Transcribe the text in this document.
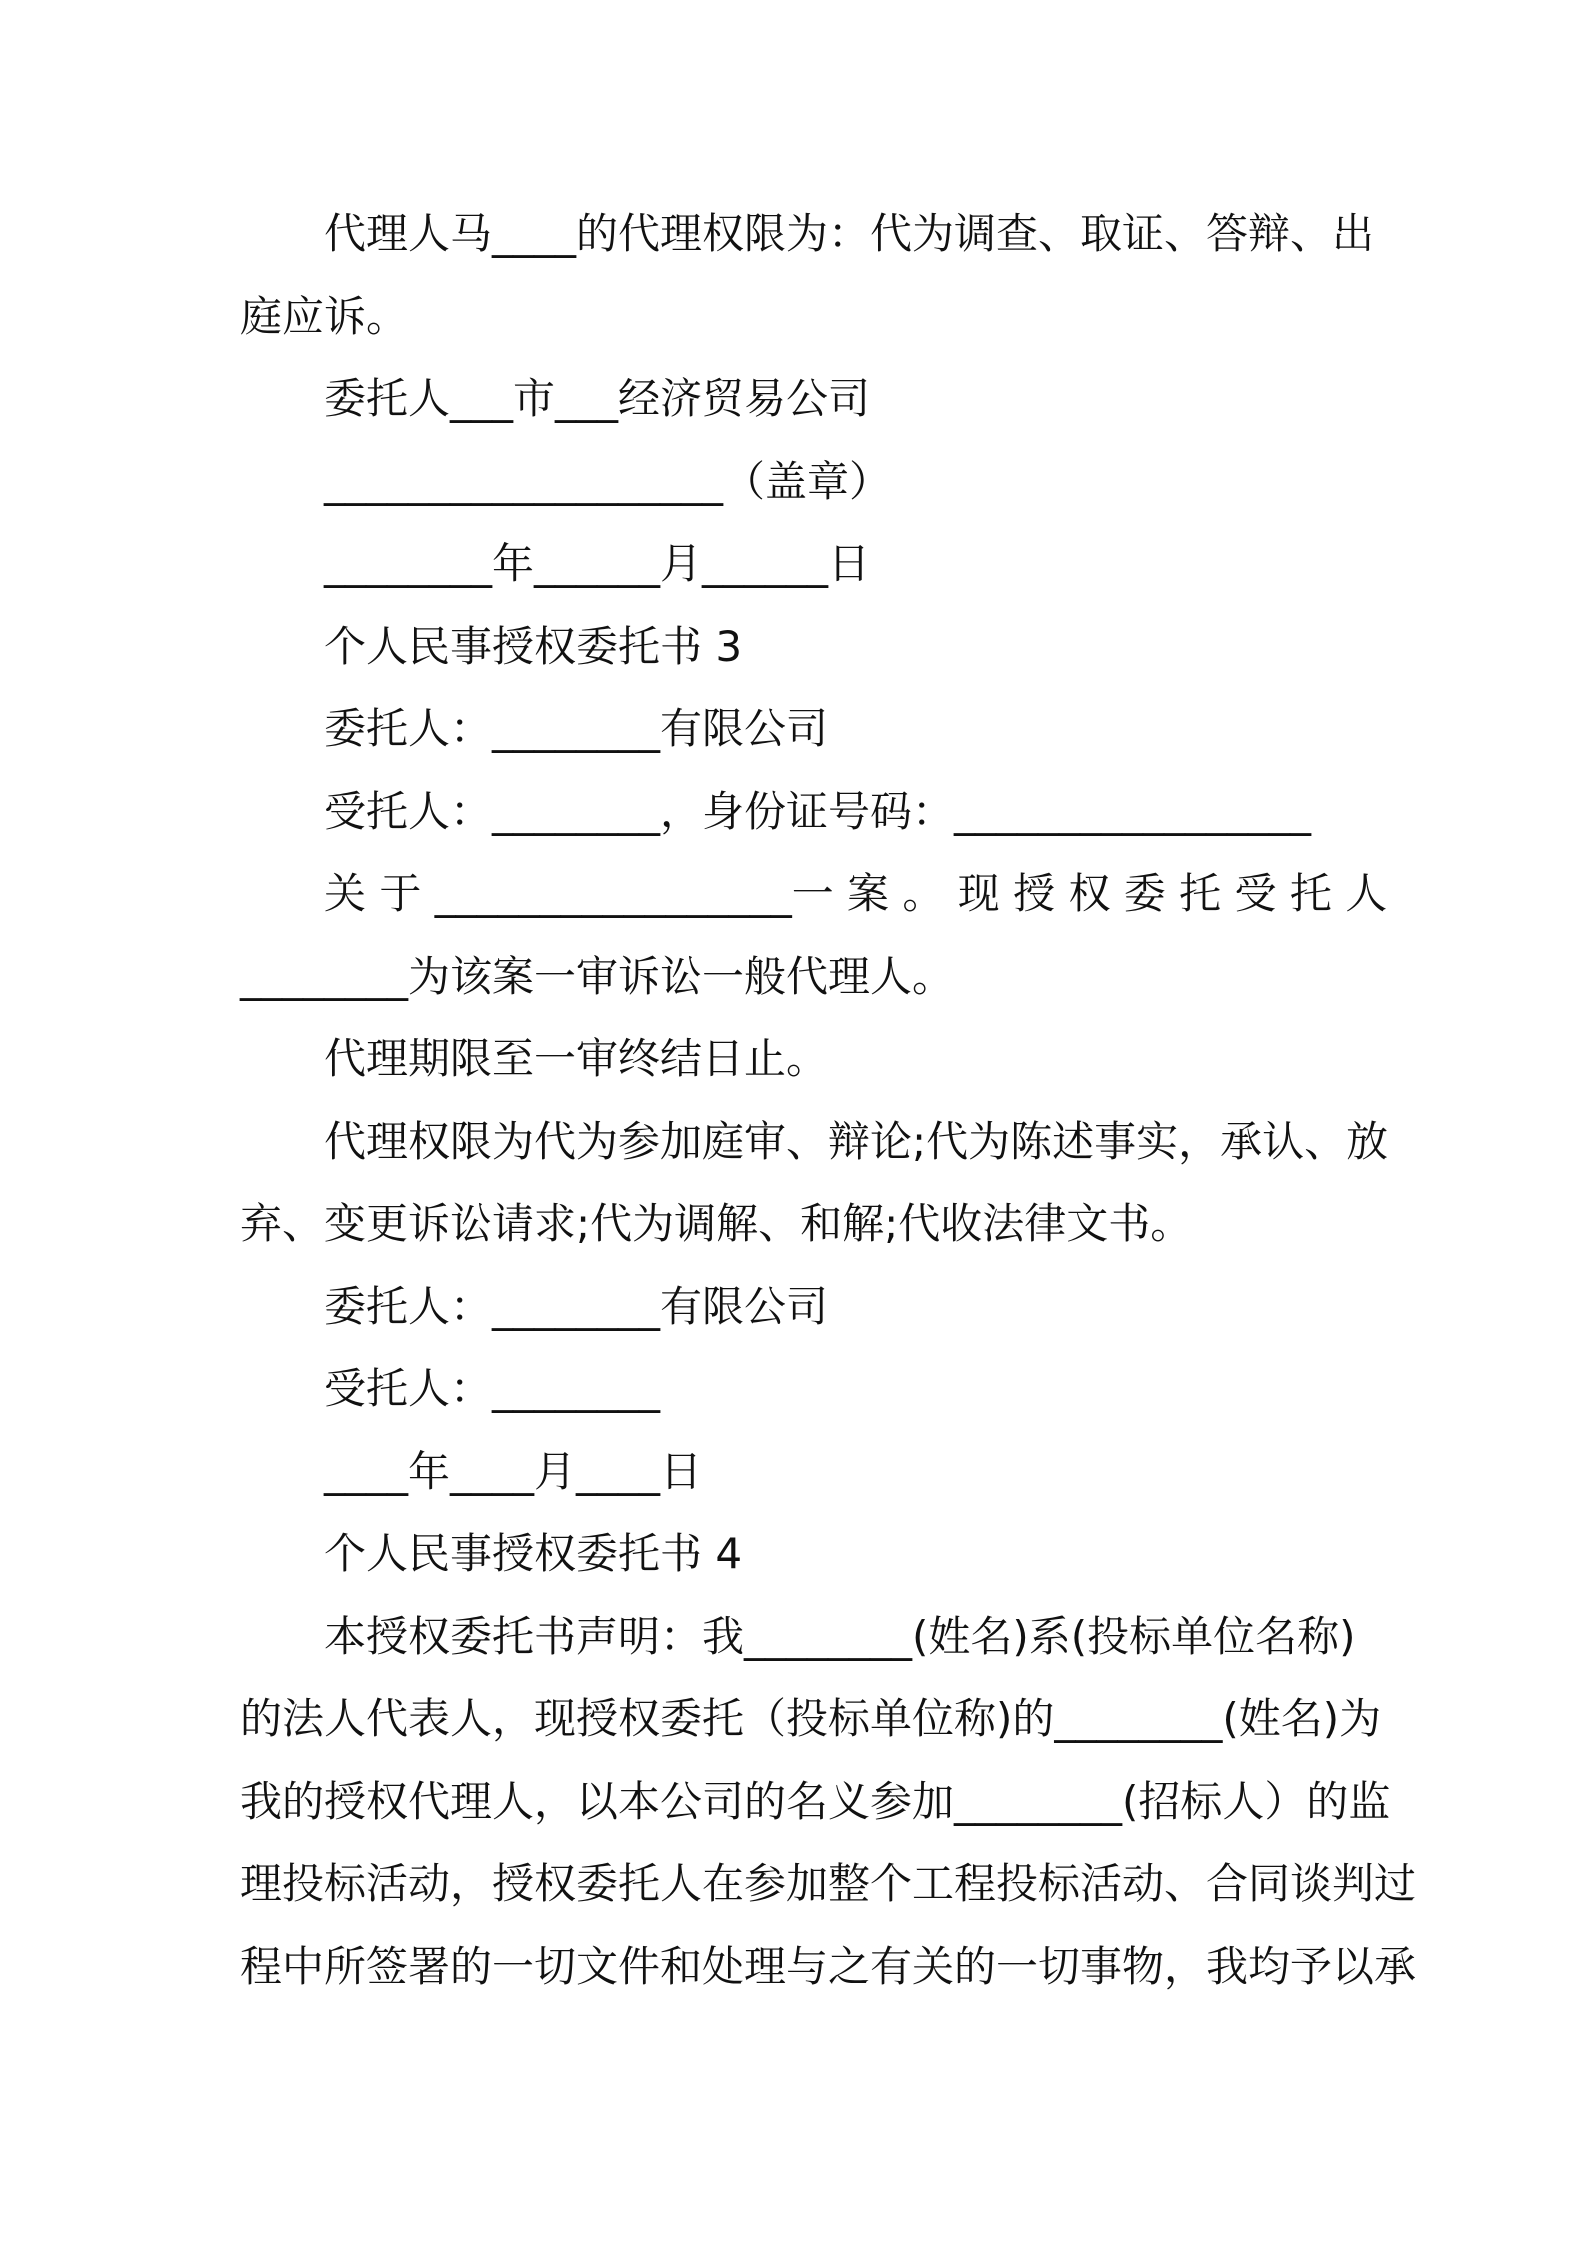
代理人马____的代理权限为：代为调查、取证、答辩、出

庭应诉。

委托人___市___经济贸易公司

___________________（盖章）

________年______月______日

个人民事授权委托书 3

委托人：________有限公司

受托人：________，身份证号码：_________________

关 于 _________________一 案 。 现 授 权 委 托 受 托 人

________为该案一审诉讼一般代理人。

代理期限至一审终结日止。

代理权限为代为参加庭审、辩论;代为陈述事实，承认、放

弃、变更诉讼请求;代为调解、和解;代收法律文书。

委托人：________有限公司

受托人：________

____年____月____日

个人民事授权委托书 4

本授权委托书声明：我________(姓名)系(投标单位名称)

的法人代表人，现授权委托（投标单位称)的________(姓名)为

我的授权代理人，以本公司的名义参加________(招标人）的监

理投标活动，授权委托人在参加整个工程投标活动、合同谈判过

程中所签署的一切文件和处理与之有关的一切事物，我均予以承
